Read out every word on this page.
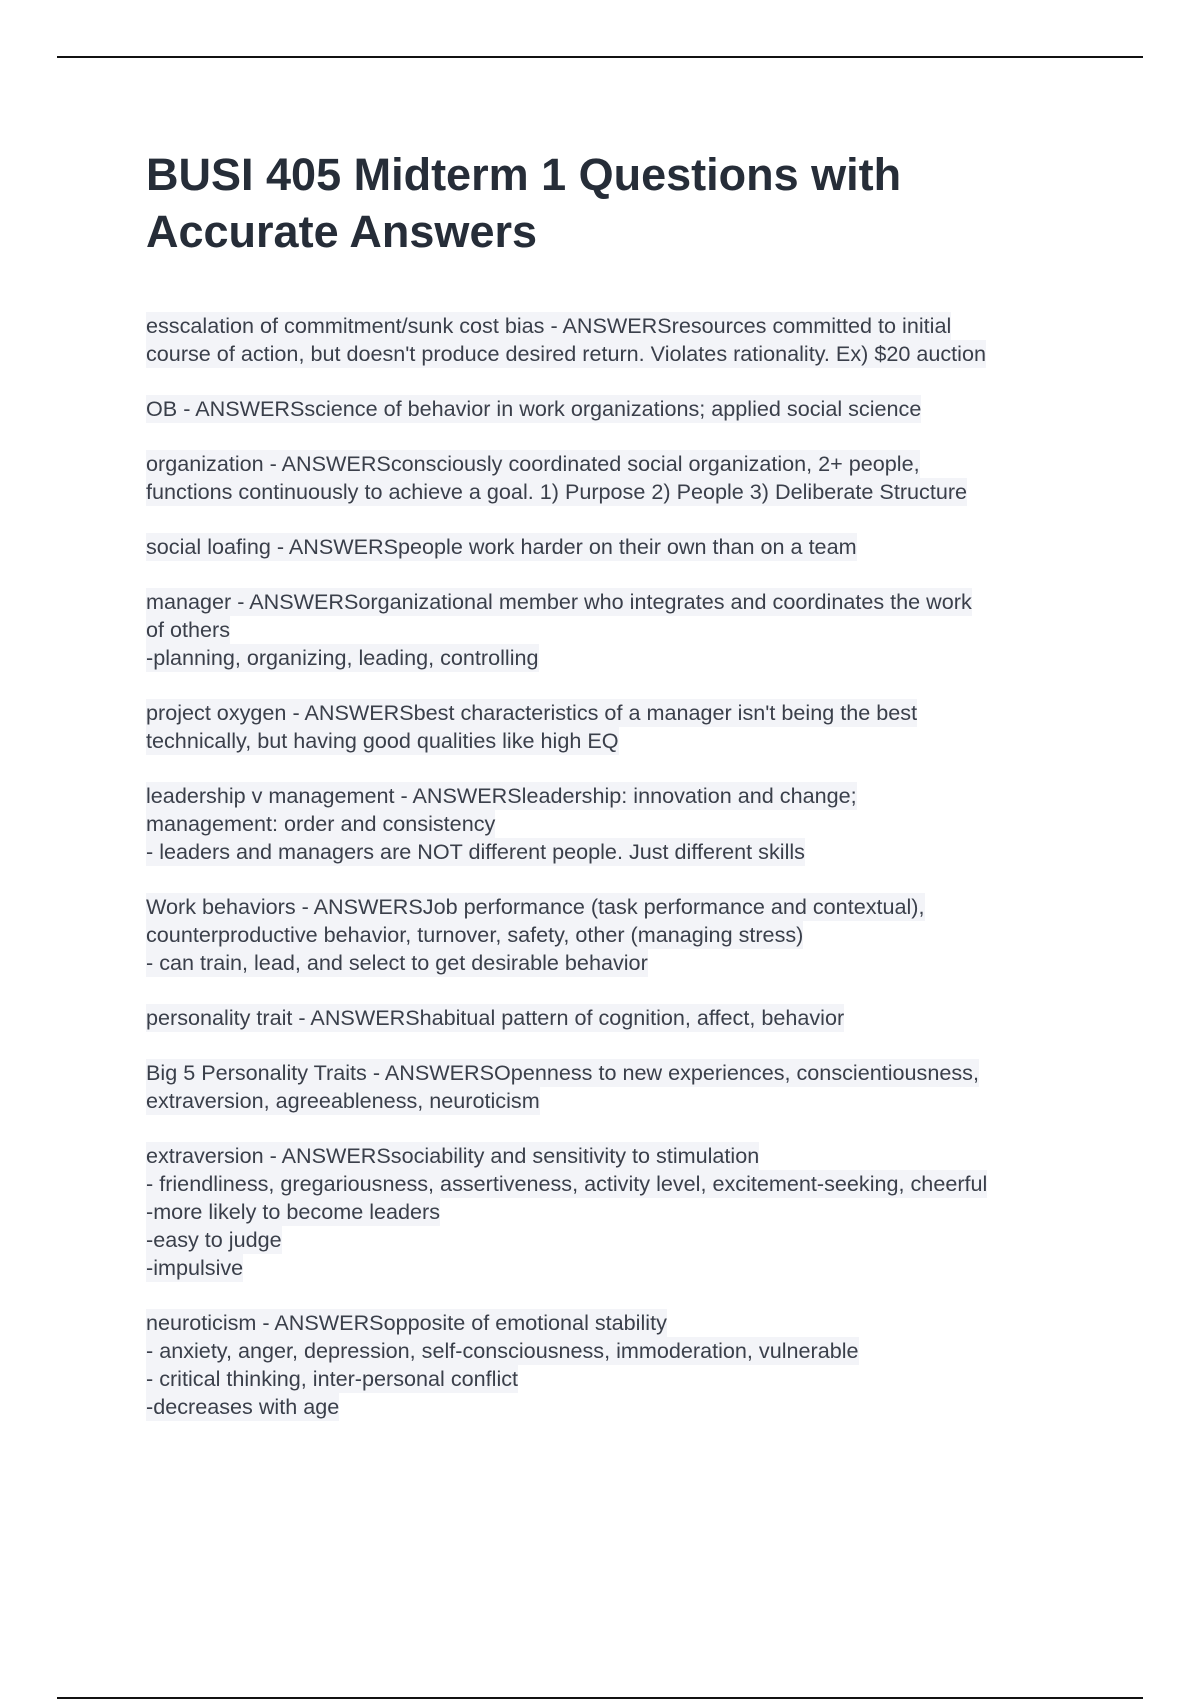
BUSI 405 Midterm 1 Questions with
Accurate Answers
esscalation of commitment/sunk cost bias - ANSWERSresources committed to initial
course of action, but doesn't produce desired return. Violates rationality. Ex) $20 auction
OB - ANSWERSscience of behavior in work organizations; applied social science
organization - ANSWERSconsciously coordinated social organization, 2+ people,
functions continuously to achieve a goal. 1) Purpose 2) People 3) Deliberate Structure
social loafing - ANSWERSpeople work harder on their own than on a team
manager - ANSWERSorganizational member who integrates and coordinates the work
of others
-planning, organizing, leading, controlling
project oxygen - ANSWERSbest characteristics of a manager isn't being the best
technically, but having good qualities like high EQ
leadership v management - ANSWERSleadership: innovation and change;
management: order and consistency
- leaders and managers are NOT different people. Just different skills
Work behaviors - ANSWERSJob performance (task performance and contextual),
counterproductive behavior, turnover, safety, other (managing stress)
- can train, lead, and select to get desirable behavior
personality trait - ANSWERShabitual pattern of cognition, affect, behavior
Big 5 Personality Traits - ANSWERSOpenness to new experiences, conscientiousness,
extraversion, agreeableness, neuroticism
extraversion - ANSWERSsociability and sensitivity to stimulation
- friendliness, gregariousness, assertiveness, activity level, excitement-seeking, cheerful
-more likely to become leaders
-easy to judge
-impulsive
neuroticism - ANSWERSopposite of emotional stability
- anxiety, anger, depression, self-consciousness, immoderation, vulnerable
- critical thinking, inter-personal conflict
-decreases with age
